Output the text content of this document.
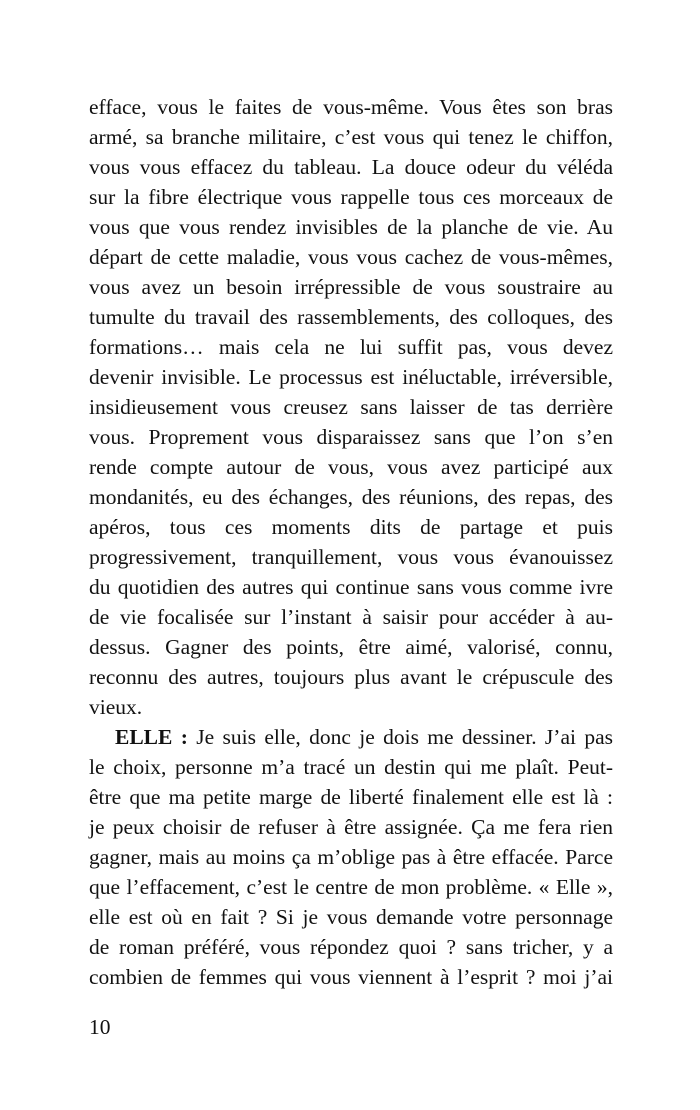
efface, vous le faites de vous-même. Vous êtes son bras
armé, sa branche militaire, c’est vous qui tenez le chiffon,
vous vous effacez du tableau. La douce odeur du véléda
sur la fibre électrique vous rappelle tous ces morceaux de
vous que vous rendez invisibles de la planche de vie. Au
départ de cette maladie, vous vous cachez de vous-mêmes,
vous avez un besoin irrépressible de vous soustraire au
tumulte du travail des rassemblements, des colloques, des
formations… mais cela ne lui suffit pas, vous devez
devenir invisible. Le processus est inéluctable, irréversible,
insidieusement vous creusez sans laisser de tas derrière
vous. Proprement vous disparaissez sans que l’on s’en
rende compte autour de vous, vous avez participé aux
mondanités, eu des échanges, des réunions, des repas, des
apéros, tous ces moments dits de partage et puis
progressivement, tranquillement, vous vous évanouissez
du quotidien des autres qui continue sans vous comme ivre
de vie focalisée sur l’instant à saisir pour accéder à au-
dessus. Gagner des points, être aimé, valorisé, connu,
reconnu des autres, toujours plus avant le crépuscule des
vieux.
ELLE : Je suis elle, donc je dois me dessiner. J’ai pas
le choix, personne m’a tracé un destin qui me plaît. Peut-
être que ma petite marge de liberté finalement elle est là :
je peux choisir de refuser à être assignée. Ça me fera rien
gagner, mais au moins ça m’oblige pas à être effacée. Parce
que l’effacement, c’est le centre de mon problème. « Elle »,
elle est où en fait ? Si je vous demande votre personnage
de roman préféré, vous répondez quoi ? sans tricher, y a
combien de femmes qui vous viennent à l’esprit ? moi j’ai
10
